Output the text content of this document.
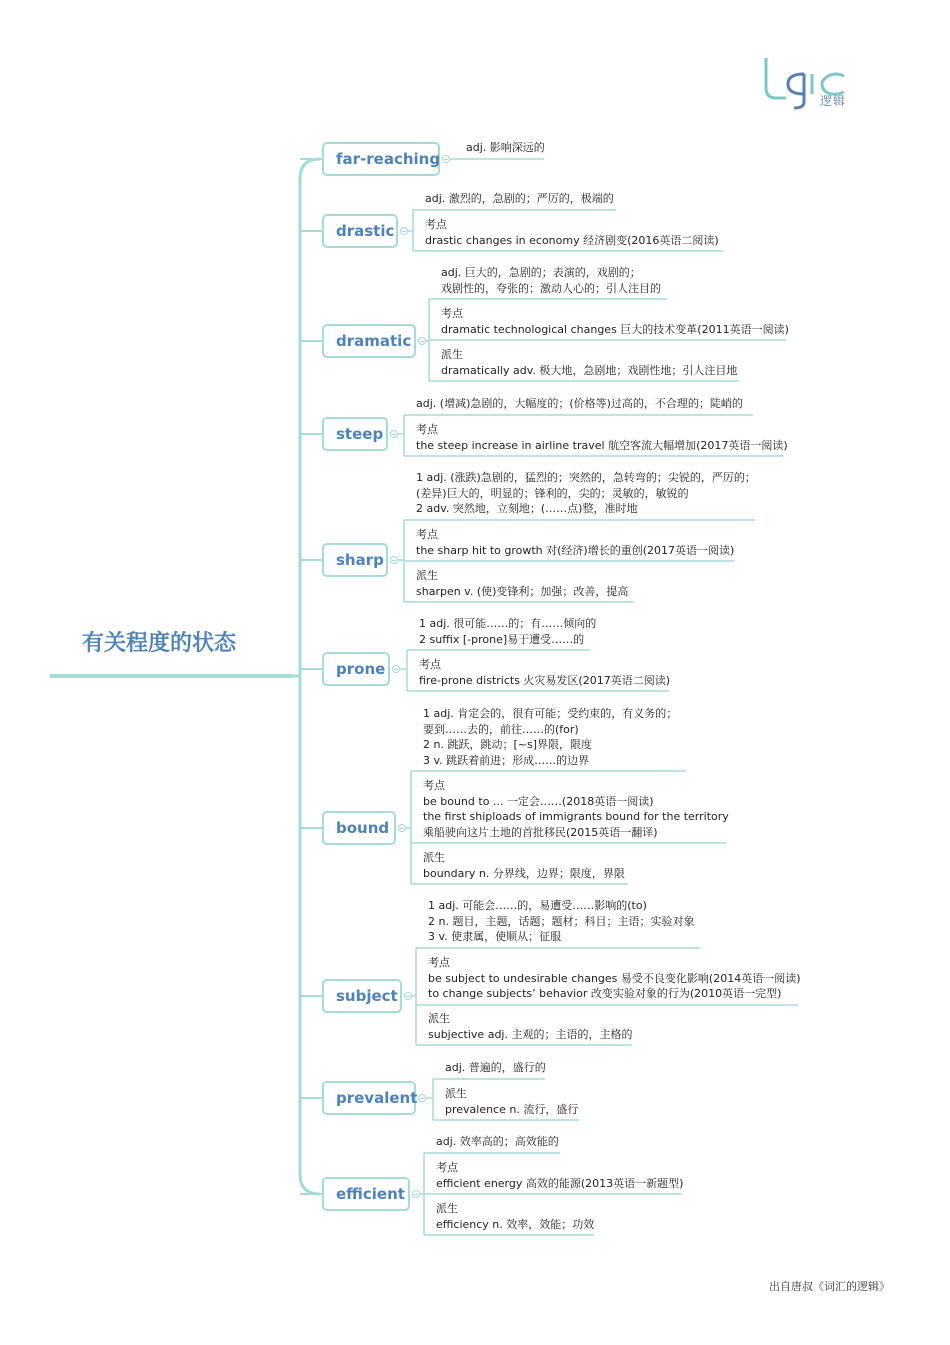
逻辑
有关程度的状态
出自唐叔《词汇的逻辑》
far-reaching
adj. 影响深远的
drastic
adj. 激烈的，急剧的；严厉的，极端的
考点
drastic changes in economy 经济剧变(2016英语二阅读)
dramatic
adj. 巨大的，急剧的；表演的，戏剧的；
戏剧性的，夸张的；激动人心的；引人注目的
考点
dramatic technological changes 巨大的技术变革(2011英语一阅读)
派生
dramatically adv. 极大地，急剧地；戏剧性地；引人注目地
steep
adj. (增减)急剧的，大幅度的；(价格等)过高的，不合理的；陡峭的
考点
the steep increase in airline travel 航空客流大幅增加(2017英语一阅读)
sharp
1 adj. (涨跌)急剧的，猛烈的；突然的，急转弯的；尖锐的，严厉的；
(差异)巨大的，明显的；锋利的，尖的；灵敏的，敏锐的
2 adv. 突然地，立刻地；(……点)整，准时地
考点
the sharp hit to growth 对(经济)增长的重创(2017英语一阅读)
派生
sharpen v. (使)变锋利；加强；改善，提高
prone
1 adj. 很可能……的；有……倾向的
2 suffix [-prone]易于遭受……的
考点
fire-prone districts 火灾易发区(2017英语二阅读)
bound
1 adj. 肯定会的，很有可能；受约束的，有义务的；
要到……去的，前往……的(for)
2 n. 跳跃，跳动；[~s]界限，限度
3 v. 跳跃着前进；形成……的边界
考点
be bound to ... 一定会……(2018英语一阅读)
the first shiploads of immigrants bound for the territory
乘船驶向这片土地的首批移民(2015英语一翻译)
派生
boundary n. 分界线，边界；限度，界限
subject
1 adj. 可能会……的，易遭受……影响的(to)
2 n. 题目，主题，话题；题材；科目；主语；实验对象
3 v. 使隶属，使顺从；征服
考点
be subject to undesirable changes 易受不良变化影响(2014英语一阅读)
to change subjects’ behavior 改变实验对象的行为(2010英语一完型)
派生
subjective adj. 主观的；主语的，主格的
prevalent
adj. 普遍的，盛行的
派生
prevalence n. 流行，盛行
efficient
adj. 效率高的；高效能的
考点
efficient energy 高效的能源(2013英语一新题型)
派生
efficiency n. 效率，效能；功效
